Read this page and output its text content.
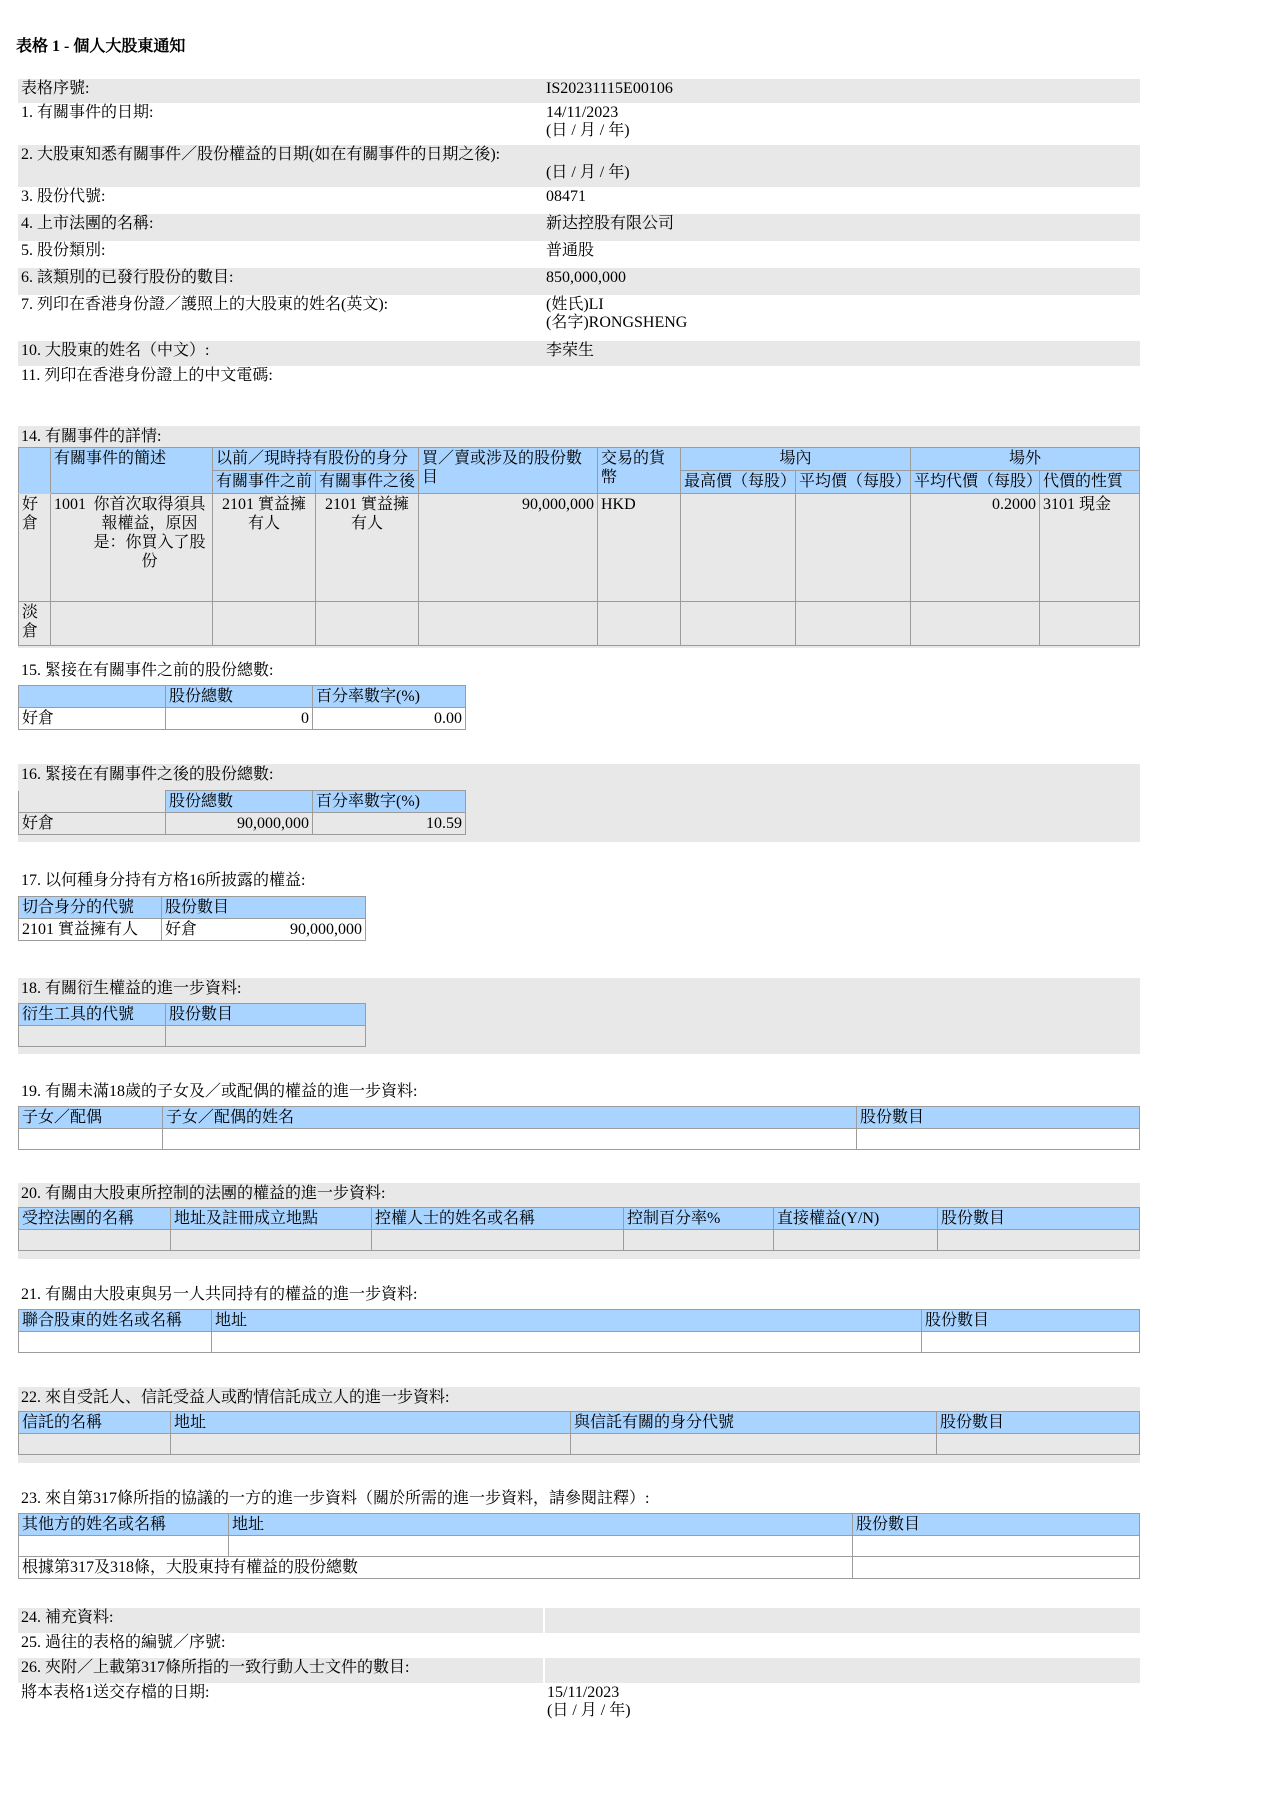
表格 1 - 個人大股東通知
表格序號:	IS20231115E00106
1. 有關事件的日期:	14/11/2023
(日 / 月 / 年)

2. 大股東知悉有關事件／股份權益的日期(如在有關事件的日期之後):	(日 / 月 / 年)

3. 股份代號:	08471
4. 上市法團的名稱:	新达控股有限公司
5. 股份類別:	普通股
6. 該類別的已發行股份的數目:	850,000,000
7. 列印在香港身份證／護照上的大股東的姓名(英文):	(姓氏)LI
(名字)RONGSHENG

10. 大股東的姓名（中文）:	李荣生
11. 列印在香港身份證上的中文電碼:	
14. 有關事件的詳情:
	有關事件的簡述	以前／現時持有股份的身分		買／賣或涉及的股份數目	交易的貨幣	場內		場外	
		有關事件之前	有關事件之後			最高價（每股）	平均價（每股）	平均代價（每股）	代價的性質

好倉	1001 你首次取得須具報權益，原因是：你買入了股份	2101 實益擁有人	2101 實益擁有人	90,000,000	HKD			0.2000	3101 現金

淡倉									

15. 緊接在有關事件之前的股份總數:
	股份總數	百分率數字(%)
好倉	0	0.00
16. 緊接在有關事件之後的股份總數:
	股份總數	百分率數字(%)
好倉	90,000,000	10.59
17. 以何種身分持有方格16所披露的權益:
切合身分的代號	股份數目
2101 實益擁有人	好倉 90,000,000
18. 有關衍生權益的進一步資料:
衍生工具的代號	股份數目

19. 有關未滿18歲的子女及／或配偶的權益的進一步資料:
子女／配偶	子女／配偶的姓名	股份數目

20. 有關由大股東所控制的法團的權益的進一步資料:
受控法團的名稱	地址及註冊成立地點	控權人士的姓名或名稱	控制百分率%	直接權益(Y/N)	股份數目

21. 有關由大股東與另一人共同持有的權益的進一步資料:
聯合股東的姓名或名稱	地址	股份數目

22. 來自受託人、信託受益人或酌情信託成立人的進一步資料:
信託的名稱	地址	與信託有關的身分代號	股份數目

23. 來自第317條所指的協議的一方的進一步資料（關於所需的進一步資料，請參閱註釋）:
其他方的姓名或名稱	地址	股份數目

根據第317及318條，大股東持有權益的股份總數		
24. 補充資料:	
25. 過往的表格的編號／序號:	
26. 夾附／上載第317條所指的一致行動人士文件的數目:	
將本表格1送交存檔的日期:	15/11/2023
(日 / 月 / 年)
